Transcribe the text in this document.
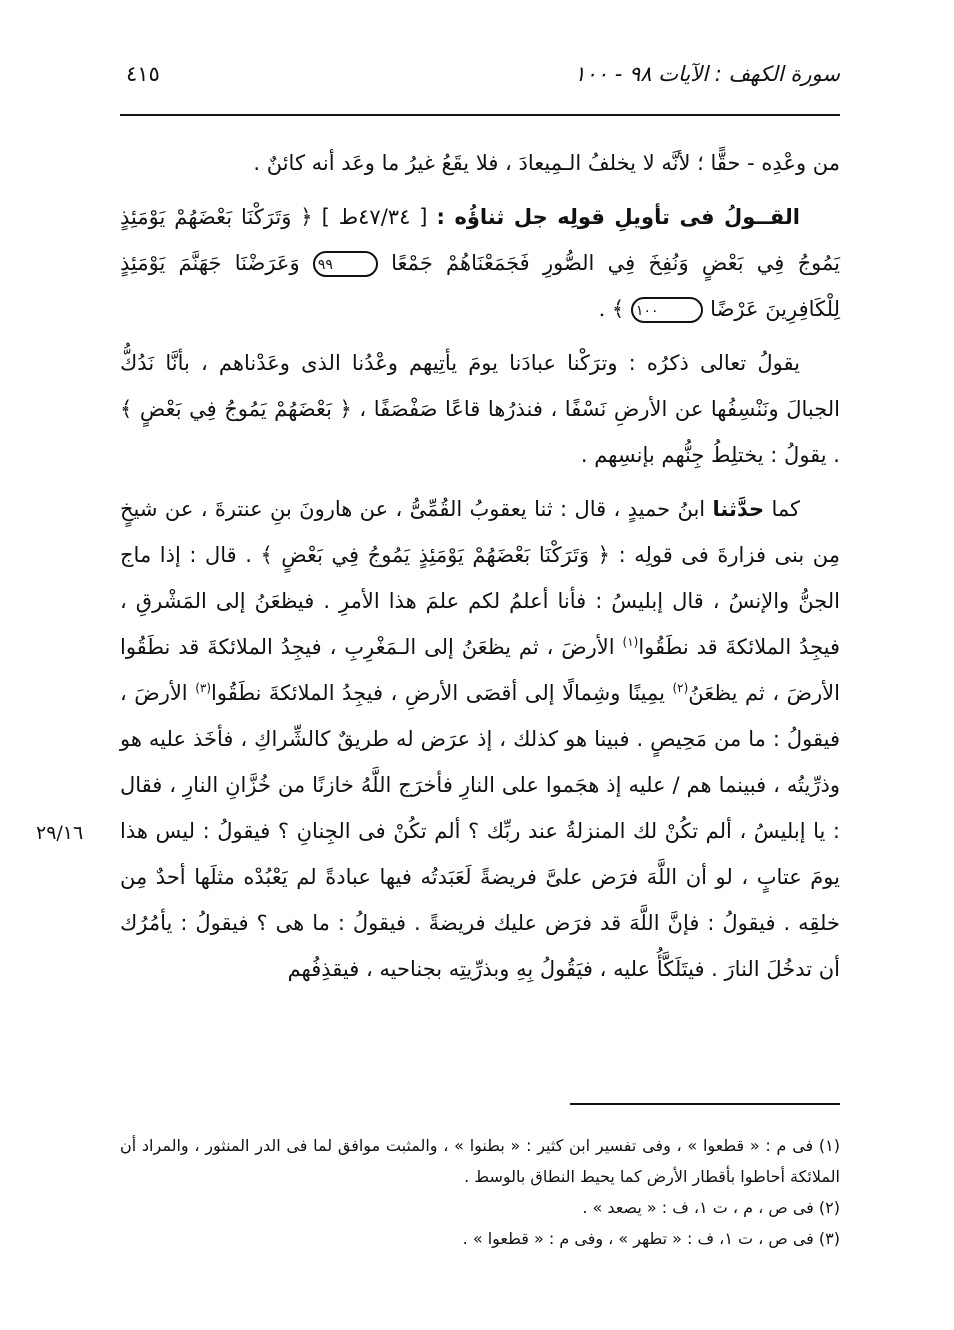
سورة الكهف : الآيات ٩٨ - ١٠٠
٤١٥

من وعْدِه - حقًّا ؛ لأنَّه لا يخلفُ الـمِيعادَ ، فلا يقَعُ غيرُ ما وعَد أنه كائنٌ .

القــولُ فى تأويلِ قولِه جل ثناؤُه : [ ٤٧/٣٤ط ] ﴿ وَتَرَكْنَا بَعْضَهُمْ يَوْمَئِذٍ يَمُوجُ فِي بَعْضٍ وَنُفِخَ فِي الصُّورِ فَجَمَعْنَاهُمْ جَمْعًا ٩٩ وَعَرَضْنَا جَهَنَّمَ يَوْمَئِذٍ لِلْكَافِرِينَ عَرْضًا ١٠٠ ﴾ .

يقولُ تعالى ذكرُه : وترَكْنا عبادَنا يومَ يأتِيهم وعْدُنا الذى وعَدْناهم ، بأنَّا نَدُكُّ الجبالَ ونَنْسِفُها عن الأرضِ نَسْفًا ، فنذرُها قاعًا صَفْصَفًا ، ﴿ بَعْضَهُمْ يَمُوجُ فِي بَعْضٍ ﴾ . يقولُ : يختلِطُ جِنُّهم بإنسِهم .

كما حدَّثنا ابنُ حميدٍ ، قال : ثنا يعقوبُ القُمِّىُّ ، عن هارونَ بنِ عنترةَ ، عن شيخٍ مِن بنى فزارةَ فى قولِه : ﴿ وَتَرَكْنَا بَعْضَهُمْ يَوْمَئِذٍ يَمُوجُ فِي بَعْضٍ ﴾ . قال : إذا ماج الجنُّ والإنسُ ، قال إبليسُ : فأنا أعلمُ لكم علمَ هذا الأمرِ . فيظعَنُ إلى المَشْرقِ ، فيجِدُ الملائكةَ قد نطَقُوا$^{(١)}$ الأرضَ ، ثم يظعَنُ إلى الـمَغْرِبِ ، فيجِدُ الملائكةَ قد نطَقُوا الأرضَ ، ثم يظعَنُ$^{(٢)}$ يمِينًا وشِمالًا إلى أقصَى الأرضِ ، فيجِدُ الملائكةَ نطَقُوا$^{(٣)}$ الأرضَ ، فيقولُ : ما من مَحِيصٍ . فبينا هو كذلك ، إذ عرَض له طريقٌ كالشِّراكِ ، فأخَذ عليه هو وذرِّيتُه ، فبينما هم / عليه إذ هجَموا على النارِ فأخرَج اللَّهُ خازنًا من خُزَّانِ النارِ ، فقال : يا إبليسُ ، ألم تكُنْ لك المنزلةُ عند ربِّك ؟ ألم تكُنْ فى الجِنانِ ؟ فيقولُ : ليس هذا يومَ عتابٍ ، لو أن اللَّهَ فرَض علىَّ فريضةً لَعَبَدتُه فيها عبادةً لم يَعْبُدْه مثلَها أحدٌ مِن خلقِه . فيقولُ : فإنَّ اللَّهَ قد فرَض عليك فريضةً . فيقولُ : ما هى ؟ فيقولُ : يأمُرُك أن تدخُلَ النارَ . فيتَلَكَّأُ عليه ، فيَقُولُ بِهِ وبذرِّيتِه بجناحيه ، فيقذِفُهم

٢٩/١٦

(١) فى م : « قطعوا » ، وفى تفسير ابن كثير : « بطنوا » ، والمثبت موافق لما فى الدر المنثور ، والمراد أن الملائكة أحاطوا بأقطار الأرض كما يحيط النطاق بالوسط .

(٢) فى ص ، م ، ت ١، ف : « يصعد » .

(٣) فى ص ، ت ١، ف : « تطهر » ، وفى م : « قطعوا » .
